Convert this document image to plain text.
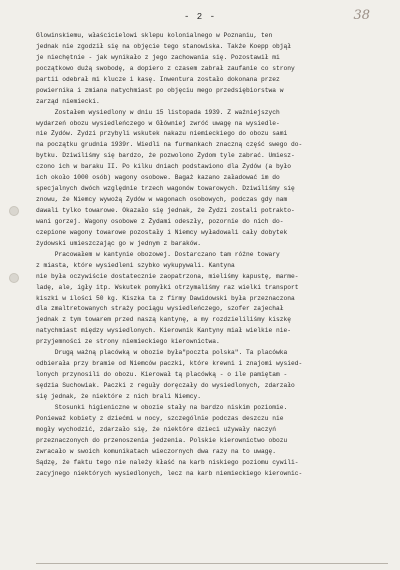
- 2 -	38
Glowinskiemu, właścicielowi sklepu kolonialnego w Poznaniu, ten
jednak nie zgodził się na objęcie tego stanowiska. Także Koepp objął
je niechętnie - jak wynikało z jego zachowania się. Pozostawił mi
początkowo dużą swobodę, a dopiero z czasem zabrał zaufanie co strony
partii odebrał mi klucze i kasę. Inwentura zostało dokonana przez
powiernika i zmiana natychmiast po objęciu mego przedsiębiorstwa w
zarząd niemiecki.
Zostałem wysiedlony w dniu 15 listopada 1939. Z ważniejszych
wydarzeń obozu wysiedleńczego w Główniej zwróć uwagę na wysiedle-
nie Żydów. Żydzi przybyli wskutek nakazu niemieckiego do obozu sami
na początku grudnia 1939r. Wiedli na furmankach znaczną część swego do-
bytku. Dziwiliśmy się bardzo, że pozwolono Żydom tyle zabrać. Umiesz-
czono ich w baraku II. Po kilku dniach podstawiono dla Żydów (a było
ich około 1000 osób) wagony osobowe. Bagaż kazano załadować im do
specjalnych dwóch względnie trzech wagonów towarowych. Dziwiliśmy się
znowu, że Niemcy wywożą Żydów w wagonach osobowych, podczas gdy nam
dawali tylko towarowe. Okazało się jednak, że Żydzi zostali potrakto-
wani gorzej. Wagony osobowe z Żydami odeszły, pozornie do nich do-
czepione wagony towarowe pozostały i Niemcy wyładowali cały dobytek
żydowski umieszczając go w jednym z baraków.
Pracowałem w kantynie obozowej. Dostarczano tam różne towary
z miasta, które wysiedleni szybko wykupywali. Kantyna
nie była oczywiście dostatecznie zaopatrzona, mieliśmy kapustę, marme-
ladę, ale, igły itp. Wskutek pomyłki otrzymaliśmy raz wielki transport
kiszki w ilości 50 kg. Kiszka ta z firmy Dawidowski była przeznaczona
dla zmaltretowanych straży pociągu wysiedleńczego, szofer zajechał
jednak z tym towarem przed naszą kantynę, a my rozdzieliliśmy kiszkę
natychmiast między wysiedlonych. Kierownik Kantyny miał wielkie nie-
przyjemności ze strony niemieckiego kierownictwa.
Drugą ważną placówką w obozie była"poczta polska". Ta placówka
odbierała przy bramie od Niemców paczki, które krewni i znajomi wysied-
lonych przynosili do obozu. Kierował tą placówką - o ile pamiętam -
sędzia Suchowiak. Paczki z reguły doręczały do wysiedlonych, zdarzało
się jednak, że niektóre z nich brali Niemcy.
Stosunki higieniczne w obozie stały na bardzo niskim poziomie.
Ponieważ kobiety z dziećmi w nocy, szczególnie podczas deszczu nie
mogły wychodzić, zdarzało się, że niektóre dzieci używały naczyń
przeznaczonych do przenoszenia jedzenia. Polskie kierownictwo obozu
zwracało w swoich komunikatach wieczornych dwa razy na to uwagę.
Sądzę, że faktu tego nie należy kłaść na karb niskiego poziomu cywili-
zacyjnego niektórych wysiedlonych, lecz na karb niemieckiego kierownic-
